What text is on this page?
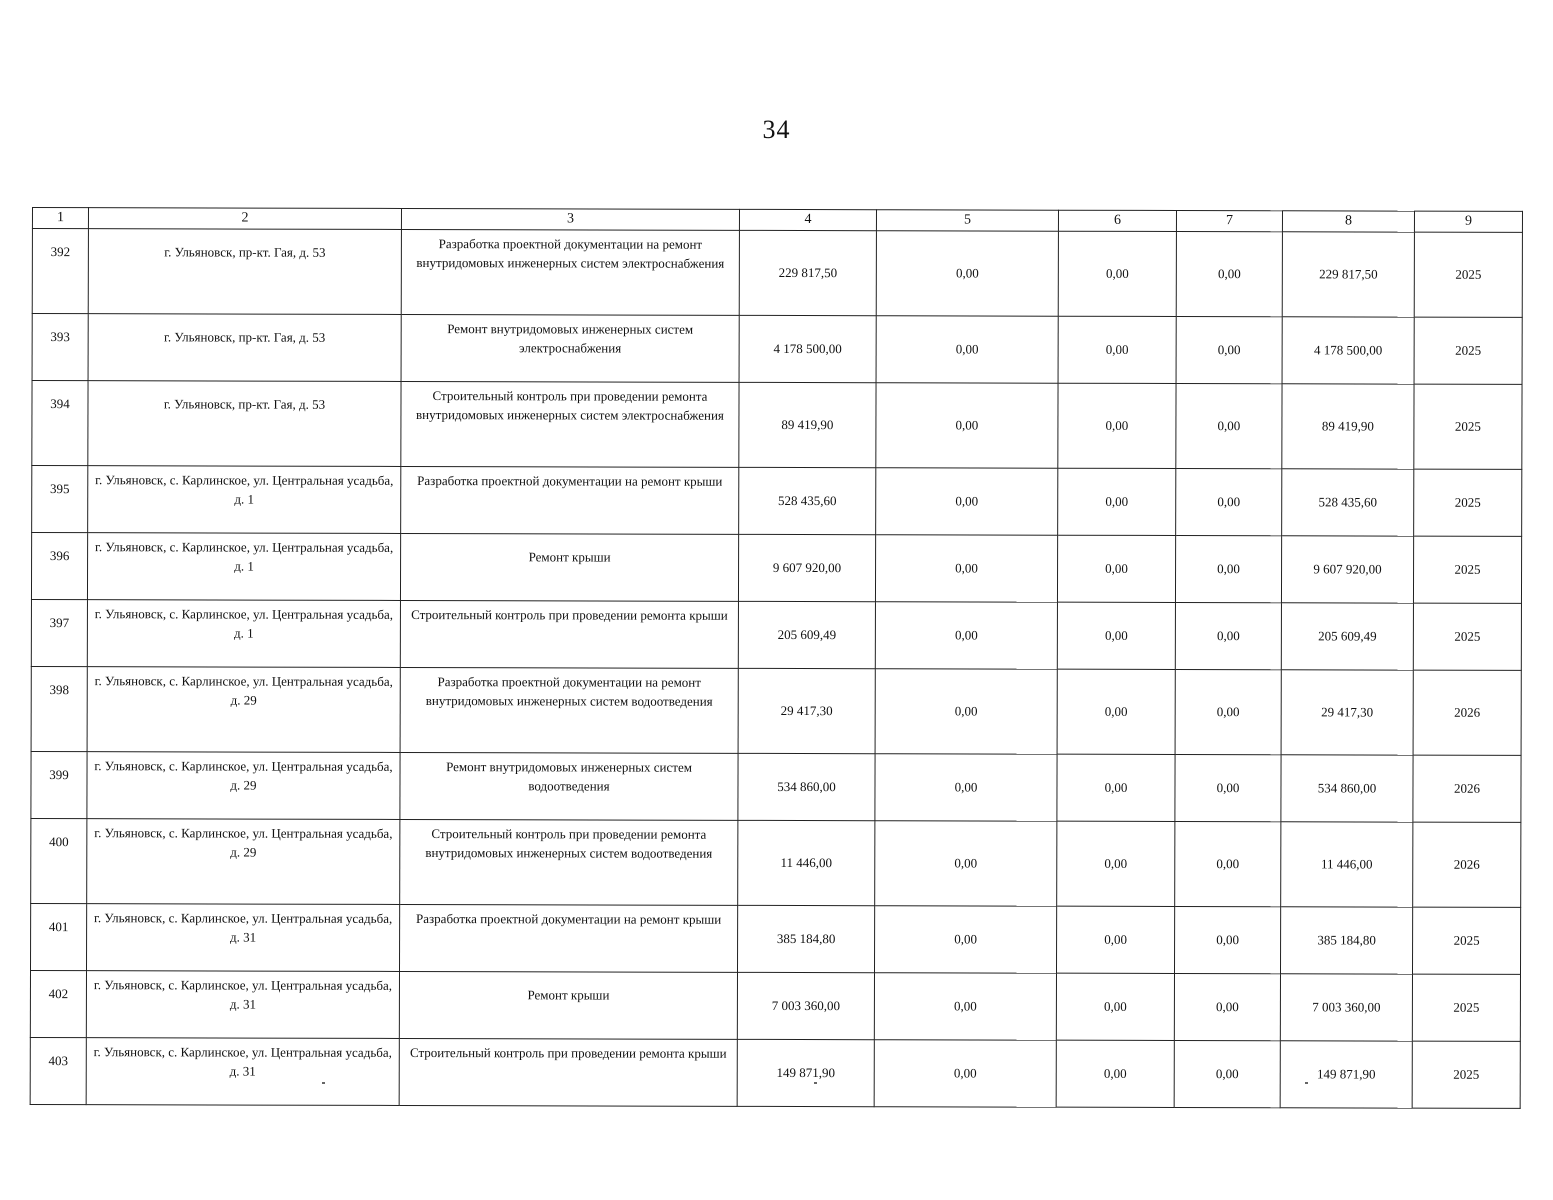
34
1	2	3	4	5	6	7	8	9
392	г. Ульяновск, пр-кт. Гая, д. 53	Разработка проектной документации на ремонт внутридомовых инженерных систем электроснабжения	229 817,50	0,00	0,00	0,00	229 817,50	2025
393	г. Ульяновск, пр-кт. Гая, д. 53	Ремонт внутридомовых инженерных систем электроснабжения	4 178 500,00	0,00	0,00	0,00	4 178 500,00	2025
394	г. Ульяновск, пр-кт. Гая, д. 53	Строительный контроль при проведении ремонта внутридомовых инженерных систем электроснабжения	89 419,90	0,00	0,00	0,00	89 419,90	2025
395	г. Ульяновск, с. Карлинское, ул. Центральная усадьба, д. 1	Разработка проектной документации на ремонт крыши	528 435,60	0,00	0,00	0,00	528 435,60	2025
396	г. Ульяновск, с. Карлинское, ул. Центральная усадьба, д. 1	Ремонт крыши	9 607 920,00	0,00	0,00	0,00	9 607 920,00	2025
397	г. Ульяновск, с. Карлинское, ул. Центральная усадьба, д. 1	Строительный контроль при проведении ремонта крыши	205 609,49	0,00	0,00	0,00	205 609,49	2025
398	г. Ульяновск, с. Карлинское, ул. Центральная усадьба, д. 29	Разработка проектной документации на ремонт внутридомовых инженерных систем водоотведения	29 417,30	0,00	0,00	0,00	29 417,30	2026
399	г. Ульяновск, с. Карлинское, ул. Центральная усадьба, д. 29	Ремонт внутридомовых инженерных систем водоотведения	534 860,00	0,00	0,00	0,00	534 860,00	2026
400	г. Ульяновск, с. Карлинское, ул. Центральная усадьба, д. 29	Строительный контроль при проведении ремонта внутридомовых инженерных систем водоотведения	11 446,00	0,00	0,00	0,00	11 446,00	2026
401	г. Ульяновск, с. Карлинское, ул. Центральная усадьба, д. 31	Разработка проектной документации на ремонт крыши	385 184,80	0,00	0,00	0,00	385 184,80	2025
402	г. Ульяновск, с. Карлинское, ул. Центральная усадьба, д. 31	Ремонт крыши	7 003 360,00	0,00	0,00	0,00	7 003 360,00	2025
403	г. Ульяновск, с. Карлинское, ул. Центральная усадьба, д. 31	Строительный контроль при проведении ремонта крыши	149 871,90	0,00	0,00	0,00	149 871,90	2025
